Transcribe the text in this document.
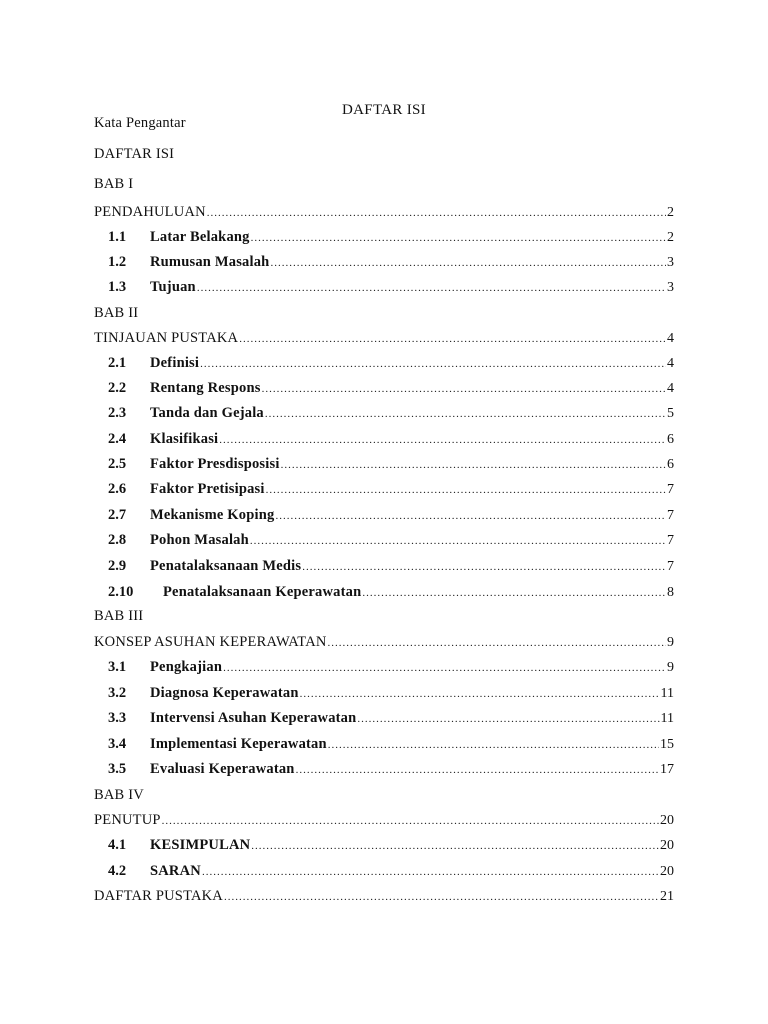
DAFTAR ISI
Kata Pengantar
DAFTAR ISI
BAB I
PENDAHULUAN .....	2
1.1	Latar Belakang .....	2
1.2	Rumusan Masalah .....	3
1.3	Tujuan .....	3
BAB II
TINJAUAN PUSTAKA .....	4
2.1	Definisi .....	4
2.2	Rentang Respons .....	4
2.3	Tanda dan Gejala .....	5
2.4	Klasifikasi .....	6
2.5	Faktor Presdisposisi .....	6
2.6	Faktor Pretisipasi .....	7
2.7	Mekanisme Koping .....	7
2.8	Pohon Masalah .....	7
2.9	Penatalaksanaan Medis .....	7
2.10	Penatalaksanaan Keperawatan .....	8
BAB III
KONSEP ASUHAN KEPERAWATAN .....	9
3.1	Pengkajian .....	9
3.2	Diagnosa Keperawatan .....	11
3.3	Intervensi Asuhan Keperawatan .....	11
3.4	Implementasi Keperawatan .....	15
3.5	Evaluasi Keperawatan .....	17
BAB IV
PENUTUP .....	20
4.1	KESIMPULAN .....	20
4.2	SARAN .....	20
DAFTAR PUSTAKA .....	21
